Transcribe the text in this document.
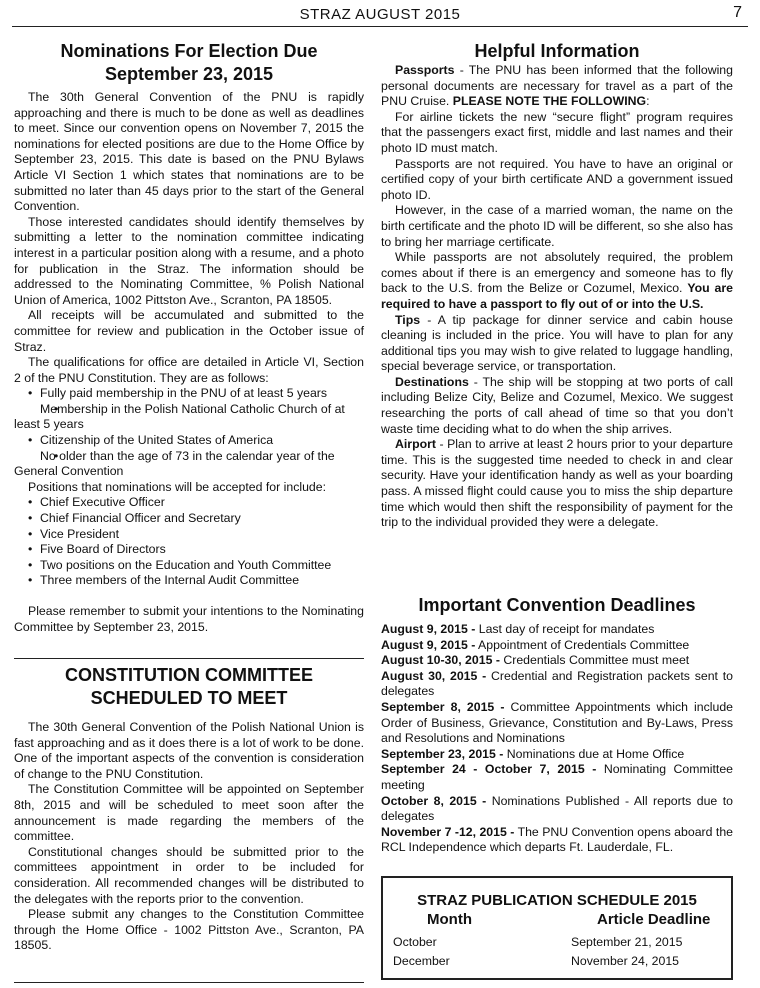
STRAZ AUGUST 2015	7
Nominations For Election Due
September 23, 2015

The 30th General Convention of the PNU is rapidly approaching and there is much to be done as well as deadlines to meet. Since our convention opens on November 7, 2015 the nominations for elected positions are due to the Home Office by September 23, 2015. This date is based on the PNU Bylaws Article VI Section 1 which states that nominations are to be submitted no later than 45 days prior to the start of the General Convention.

Those interested candidates should identify themselves by submitting a letter to the nomination committee indicating interest in a particular position along with a resume, and a photo for publication in the Straz. The information should be addressed to the Nominating Committee, % Polish National Union of America, 1002 Pittston Ave., Scranton, PA 18505.

All receipts will be accumulated and submitted to the committee for review and publication in the October issue of Straz.

The qualifications for office are detailed in Article VI, Section 2 of the PNU Constitution. They are as follows:

• Fully paid membership in the PNU of at least 5 years
• Membership in the Polish National Catholic Church of at least 5 years
• Citizenship of the United States of America
• No older than the age of 73 in the calendar year of the General Convention

Positions that nominations will be accepted for include:

• Chief Executive Officer
• Chief Financial Officer and Secretary
• Vice President
• Five Board of Directors
• Two positions on the Education and Youth Committee
• Three members of the Internal Audit Committee

Please remember to submit your intentions to the Nominating Committee by September 23, 2015.

CONSTITUTION COMMITTEE
SCHEDULED TO MEET

The 30th General Convention of the Polish National Union is fast approaching and as it does there is a lot of work to be done. One of the important aspects of the convention is consideration of change to the PNU Constitution.

The Constitution Committee will be appointed on September 8th, 2015 and will be scheduled to meet soon after the announcement is made regarding the members of the committee.

Constitutional changes should be submitted prior to the committees appointment in order to be included for consideration. All recommended changes will be distributed to the delegates with the reports prior to the convention.

Please submit any changes to the Constitution Committee through the Home Office - 1002 Pittston Ave., Scranton, PA 18505.

Helpful Information

Passports - The PNU has been informed that the following personal documents are necessary for travel as a part of the PNU Cruise. PLEASE NOTE THE FOLLOWING:

For airline tickets the new “secure flight” program requires that the passengers exact first, middle and last names and their photo ID must match.

Passports are not required. You have to have an original or certified copy of your birth certificate AND a government issued photo ID.

However, in the case of a married woman, the name on the birth certificate and the photo ID will be different, so she also has to bring her marriage certificate.

While passports are not absolutely required, the problem comes about if there is an emergency and someone has to fly back to the U.S. from the Belize or Cozumel, Mexico. You are required to have a passport to fly out of or into the U.S.

Tips - A tip package for dinner service and cabin house cleaning is included in the price. You will have to plan for any additional tips you may wish to give related to luggage handling, special beverage service, or transportation.

Destinations - The ship will be stopping at two ports of call including Belize City, Belize and Cozumel, Mexico. We suggest researching the ports of call ahead of time so that you don’t waste time deciding what to do when the ship arrives.

Airport - Plan to arrive at least 2 hours prior to your departure time. This is the suggested time needed to check in and clear security. Have your identification handy as well as your boarding pass. A missed flight could cause you to miss the ship departure time which would then shift the responsibility of payment for the trip to the individual provided they were a delegate.

Important Convention Deadlines

August 9, 2015 - Last day of receipt for mandates

August 9, 2015 - Appointment of Credentials Committee

August 10-30, 2015 - Credentials Committee must meet

August 30, 2015 - Credential and Registration packets sent to delegates

September 8, 2015 - Committee Appointments which include Order of Business, Grievance, Constitution and By-Laws, Press and Resolutions and Nominations

September 23, 2015 - Nominations due at Home Office

September 24 - October 7, 2015 - Nominating Committee meeting

October 8, 2015 - Nominations Published - All reports due to delegates

November 7 -12, 2015 - The PNU Convention opens aboard the RCL Independence which departs Ft. Lauderdale, FL.

STRAZ PUBLICATION SCHEDULE 2015
Month	Article Deadline
October	September 21, 2015
December	November 24, 2015
